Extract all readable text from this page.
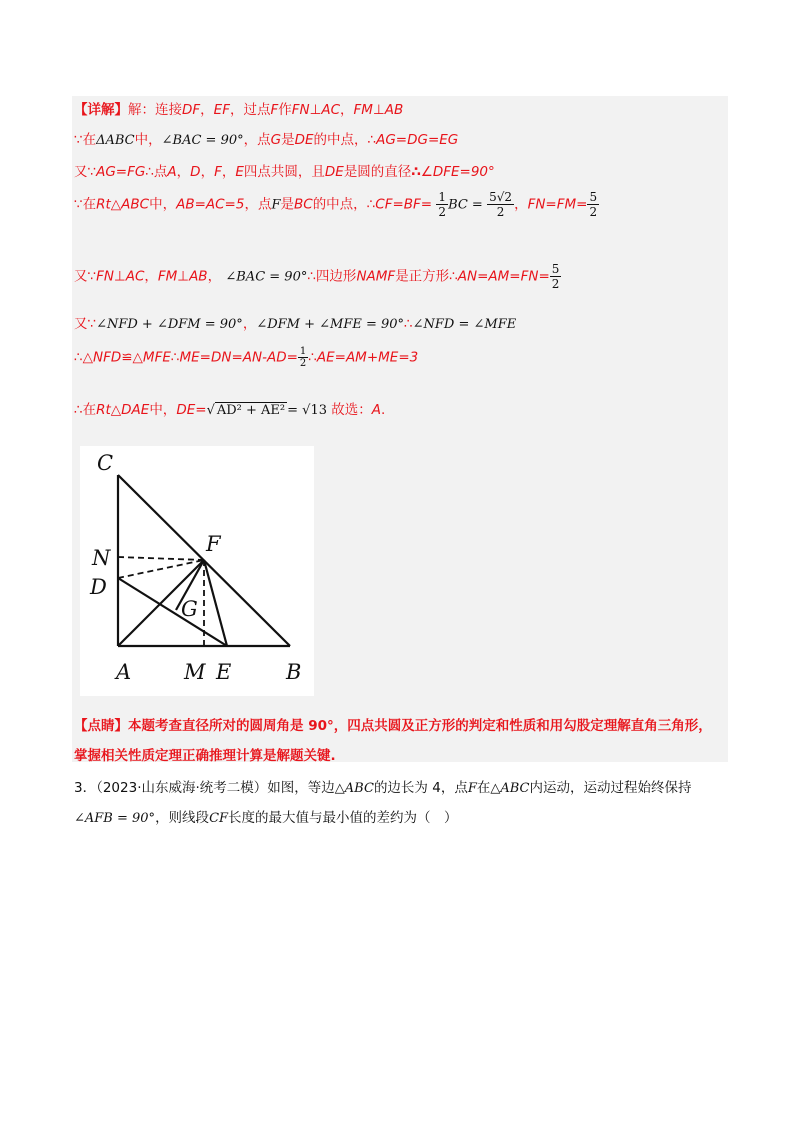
【详解】解：连接DF，EF，过点F作FN⊥AC，FM⊥AB
∵在ΔABC中，∠BAC = 90°，点G是DE的中点，∴AG=DG=EG
又∵AG=FG∴点A，D，F，E四点共圆，且DE是圆的直径∴∠DFE=90°
∵在Rt△ABC中，AB=AC=5，点F是BC的中点，∴CF=BF= $\frac{1}{2}$ BC = $\frac{5√2}{2}$ ，$FN=FM= \frac{5}{2}$
又∵FN⊥AC，FM⊥AB， ∠BAC = 90°∴四边形NAMF是正方形∴AN=AM=FN= $\frac{5}{2}$
又∵∠NFD + ∠DFM = 90°，∠DFM + ∠MFE = 90°∴∠NFD = ∠MFE
∴△NFD≌△MFE∴ME=DN=AN-AD= $\frac{1}{2}$ ∴AE=AM+ME=3
∴在Rt△DAE中，DE=√ AD² + AE² = √13 故选：A.
C
N
D
F
G
A	M E	B
【点睛】本题考查直径所对的圆周角是 90°，四点共圆及正方形的判定和性质和用勾股定理解直角三角形，
掌握相关性质定理正确推理计算是解题关键.
3．（2023·山东威海·统考二模）如图，等边△ABC的边长为 4，点F在△ABC内运动，运动过程始终保持
∠AFB = 90°，则线段CF长度的最大值与最小值的差约为（　）
